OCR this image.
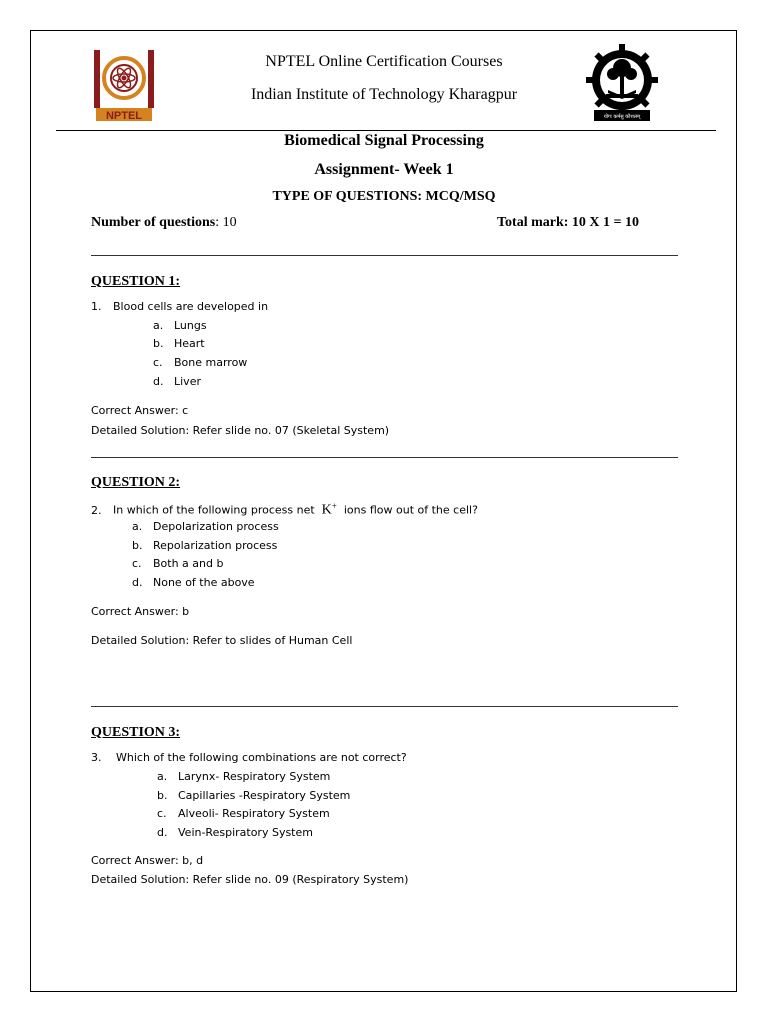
NPTEL	योगः कर्मसु कौशलम्
NPTEL Online Certification Courses
Indian Institute of Technology Kharagpur
Biomedical Signal Processing
Assignment- Week 1
TYPE OF QUESTIONS: MCQ/MSQ
Number of questions: 10	Total mark: 10 X 1 = 10
QUESTION 1:
1. Blood cells are developed in
a. Lungs
b. Heart
c. Bone marrow
d. Liver
Correct Answer: c
Detailed Solution: Refer slide no. 07 (Skeletal System)
QUESTION 2:
2. In which of the following process net K+ ions flow out of the cell?
a. Depolarization process
b. Repolarization process
c. Both a and b
d. None of the above
Correct Answer: b
Detailed Solution: Refer to slides of Human Cell
QUESTION 3:
3. Which of the following combinations are not correct?
a. Larynx- Respiratory System
b. Capillaries -Respiratory System
c. Alveoli- Respiratory System
d. Vein-Respiratory System
Correct Answer: b, d
Detailed Solution: Refer slide no. 09 (Respiratory System)
